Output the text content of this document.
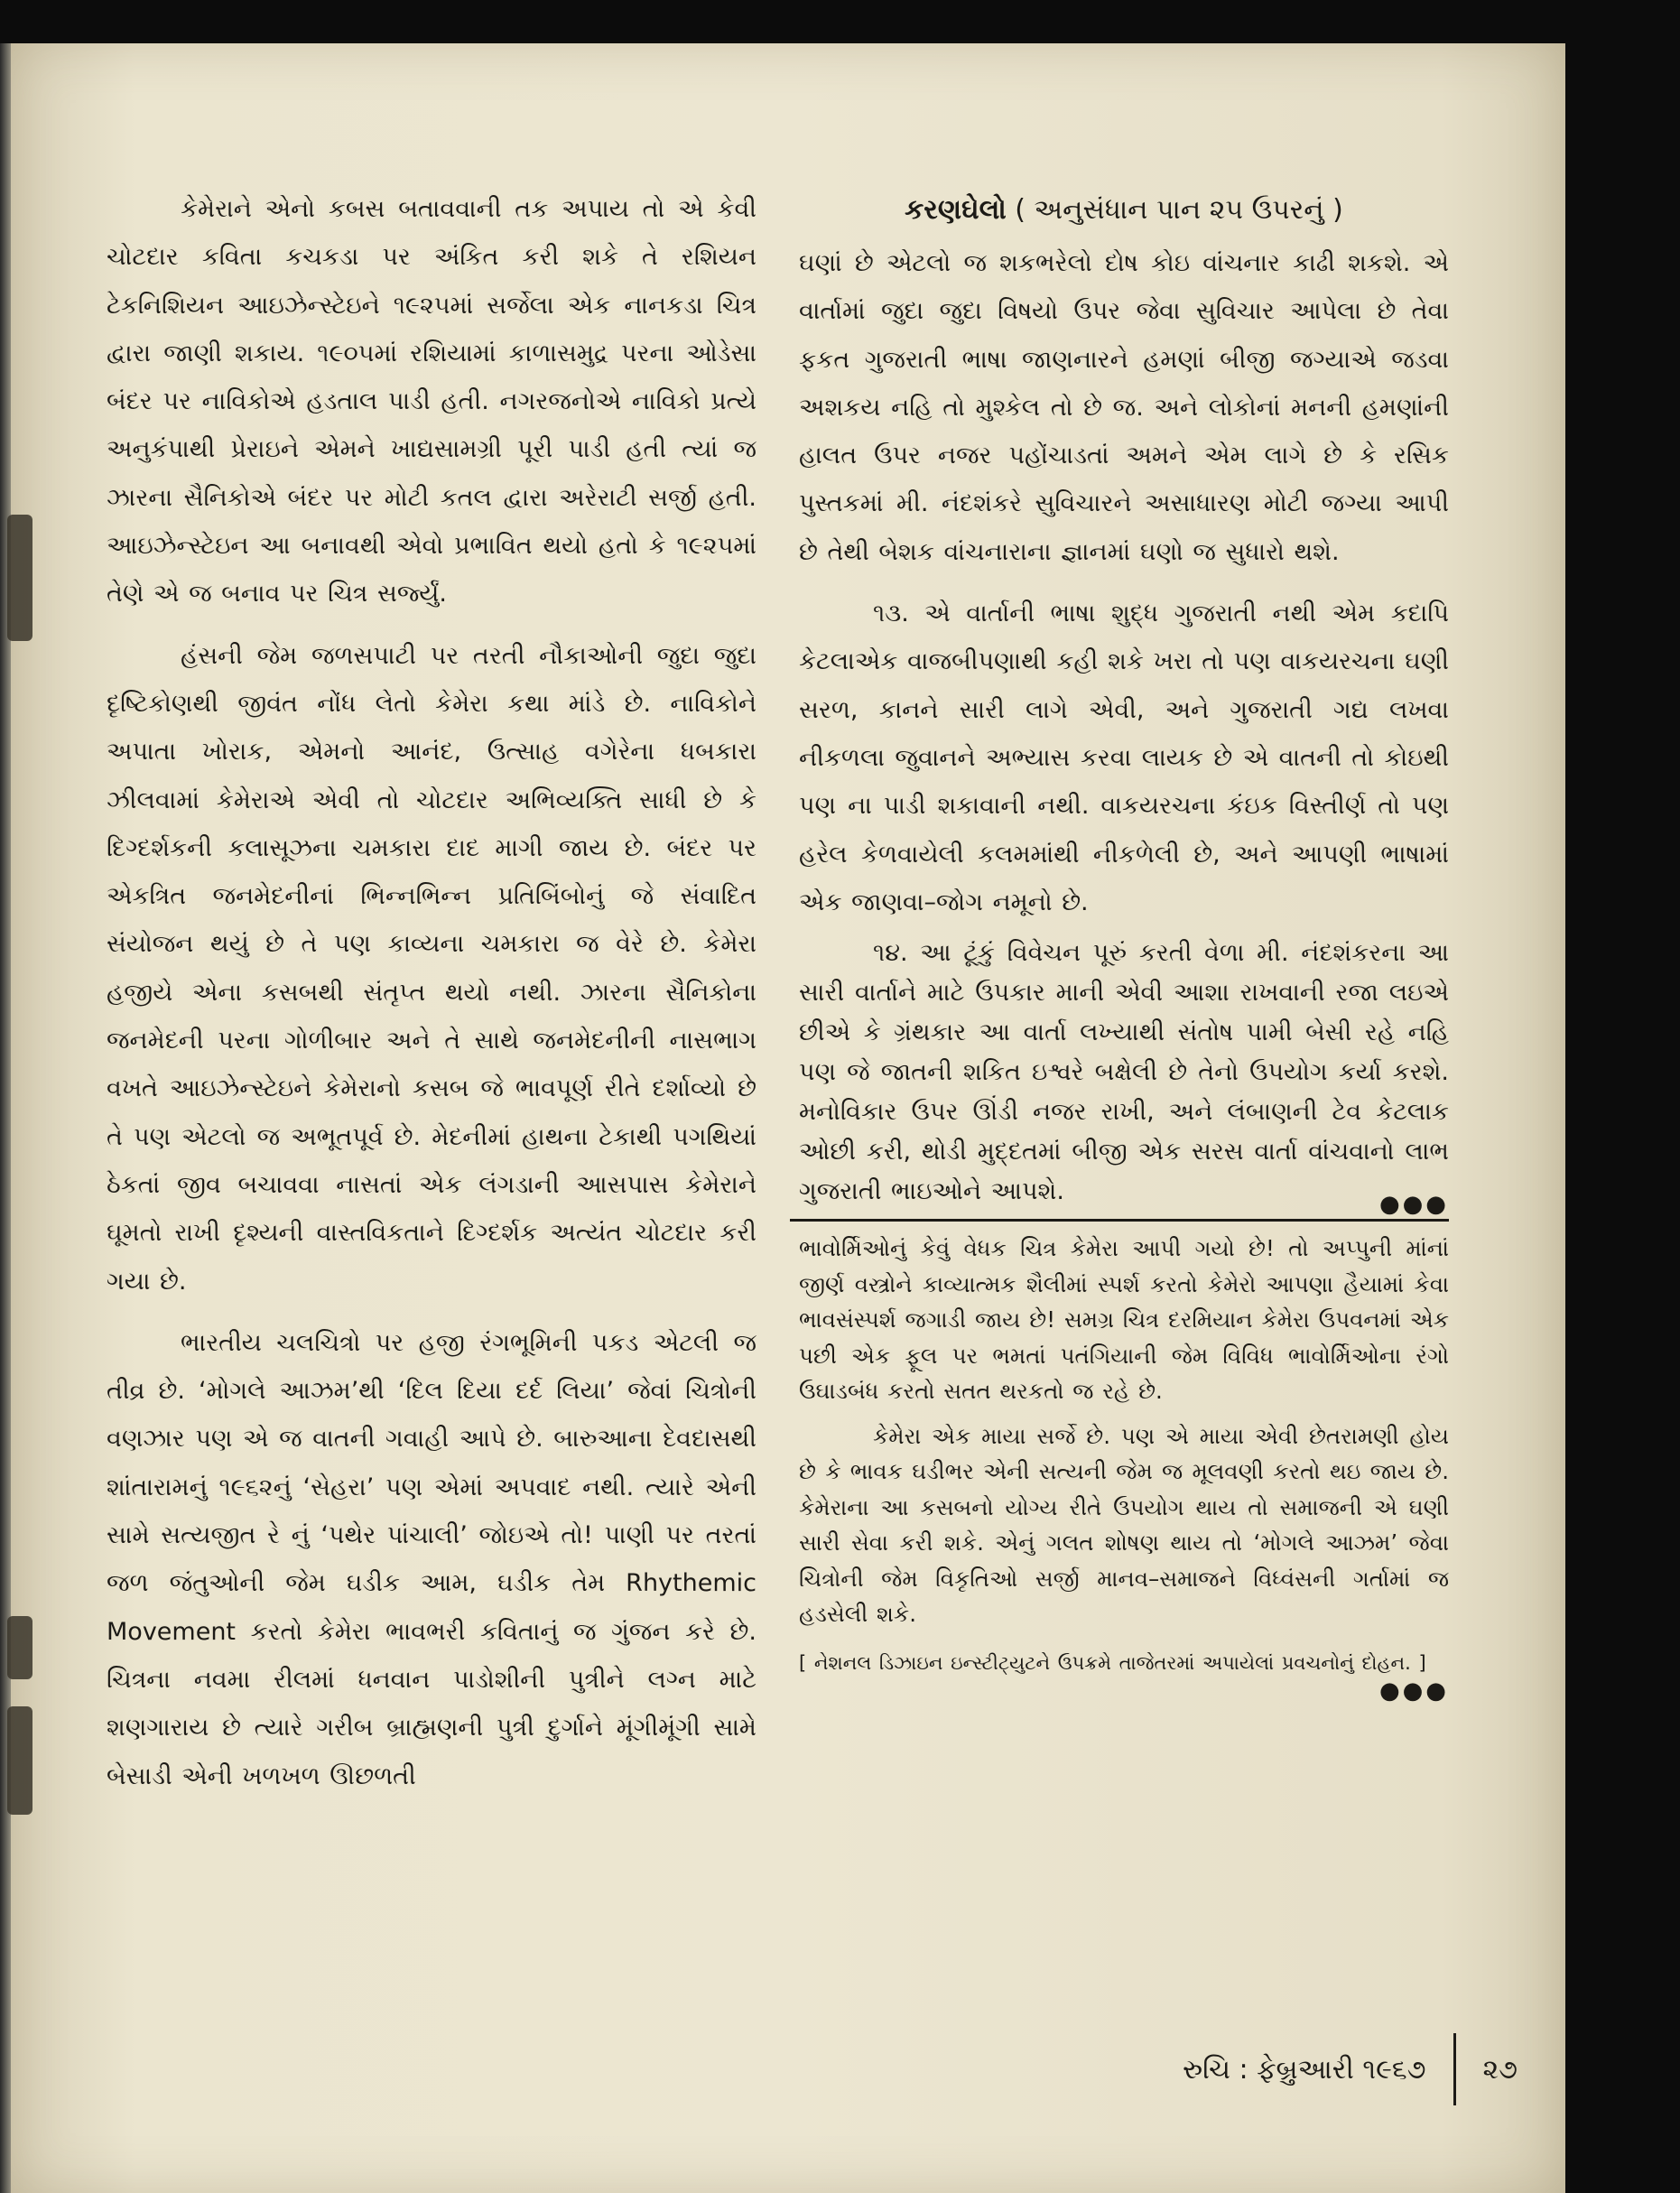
કેમેરાને એનો કબસ બતાવવાની તક અપાય તો એ કેવી ચોટદાર કવિતા કચકડા પર અંકિત કરી શકે તે રશિયન ટેકનિશિયન આઇઝેન્સ્ટેઇને ૧૯૨૫માં સર્જેલા એક નાનકડા ચિત્ર દ્વારા જાણી શકાય. ૧૯૦૫માં રશિયામાં કાળાસમુદ્ર પરના ઓડેસા બંદર પર નાવિકોએ હડતાલ પાડી હતી. નગરજનોએ નાવિકો પ્રત્યે અનુકંપાથી પ્રેરાઇને એમને ખાદ્યસામગ્રી પૂરી પાડી હતી ત્યાં જ ઝારના સૈનિકોએ બંદર પર મોટી કતલ દ્વારા અરેરાટી સર્જી હતી. આઇઝેન્સ્ટેઇન આ બનાવથી એવો પ્રભાવિત થયો હતો કે ૧૯૨૫માં તેણે એ જ બનાવ પર ચિત્ર સર્જ્યું.

હંસની જેમ જળસપાટી પર તરતી નૌકાઓની જુદા જુદા દૃષ્ટિકોણથી જીવંત નોંધ લેતો કેમેરા કથા માંડે છે. નાવિકોને અપાતા ખોરાક, એમનો આનંદ, ઉત્સાહ વગેરેના ધબકારા ઝીલવામાં કેમેરાએ એવી તો ચોટદાર અભિવ્યક્તિ સાધી છે કે દિગ્દર્શકની કલાસૂઝના ચમકારા દાદ માગી જાય છે. બંદર પર એકત્રિત જનમેદનીનાં ભિન્નભિન્ન પ્રતિબિંબોનું જે સંવાદિત સંયોજન થયું છે તે પણ કાવ્યના ચમકારા જ વેરે છે. કેમેરા હજીયે એના કસબથી સંતૃપ્ત થયો નથી. ઝારના સૈનિકોના જનમેદની પરના ગોળીબાર અને તે સાથે જનમેદનીની નાસભાગ વખતે આઇઝેન્સ્ટેઇને કેમેરાનો કસબ જે ભાવપૂર્ણ રીતે દર્શાવ્યો છે તે પણ એટલો જ અભૂતપૂર્વ છે. મેદનીમાં હાથના ટેકાથી પગથિયાં ઠેકતાં જીવ બચાવવા નાસતાં એક લંગડાની આસપાસ કેમેરાને ઘૂમતો રાખી દૃશ્યની વાસ્તવિકતાને દિગ્દર્શક અત્યંત ચોટદાર કરી ગયા છે.

ભારતીય ચલચિત્રો પર હજી રંગભૂમિની પકડ એટલી જ તીવ્ર છે. ‘મોગલે આઝમ’થી ‘દિલ દિયા દર્દ લિયા’ જેવાં ચિત્રોની વણઝાર પણ એ જ વાતની ગવાહી આપે છે. બારુઆના દેવદાસથી શાંતારામનું ૧૯૬૨નું ‘સેહરા’ પણ એમાં અપવાદ નથી. ત્યારે એની સામે સત્યજીત રે નું ‘પથેર પાંચાલી’ જોઇએ તો! પાણી પર તરતાં જળ જંતુઓની જેમ ઘડીક આમ, ઘડીક તેમ Rhythemic Movement કરતો કેમેરા ભાવભરી કવિતાનું જ ગુંજન કરે છે. ચિત્રના નવમા રીલમાં ધનવાન પાડોશીની પુત્રીને લગ્ન માટે શણગારાય છે ત્યારે ગરીબ બ્રાહ્મણની પુત્રી દુર્ગાને મૂંગીમૂંગી સામે બેસાડી એની ખળખળ ઊછળતી

કરણઘેલો ( અનુસંધાન પાન ૨૫ ઉપરનું )

ઘણાં છે એટલો જ શકભરેલો દોષ કોઇ વાંચનાર કાઢી શકશે. એ વાર્તામાં જુદા જુદા વિષયો ઉપર જેવા સુવિચાર આપેલા છે તેવા ફકત ગુજરાતી ભાષા જાણનારને હમણાં બીજી જગ્યાએ જડવા અશકય નહિ તો મુશ્કેલ તો છે જ. અને લોકોનાં મનની હમણાંની હાલત ઉપર નજર પહોંચાડતાં અમને એમ લાગે છે કે રસિક પુસ્તકમાં મી. નંદશંકરે સુવિચારને અસાધારણ મોટી જગ્યા આપી છે તેથી બેશક વાંચનારાના જ્ઞાનમાં ઘણો જ સુધારો થશે.

૧૩. એ વાર્તાની ભાષા શુદ્ધ ગુજરાતી નથી એમ કદાપિ કેટલાએક વાજબીપણાથી કહી શકે ખરા તો પણ વાકયરચના ઘણી સરળ, કાનને સારી લાગે એવી, અને ગુજરાતી ગદ્ય લખવા નીકળલા જુવાનને અભ્યાસ કરવા લાયક છે એ વાતની તો કોઇથી પણ ના પાડી શકાવાની નથી. વાકયરચના કંઇક વિસ્તીર્ણ તો પણ હરેલ કેળવાયેલી કલમમાંથી નીકળેલી છે, અને આપણી ભાષામાં એક જાણવા–જોગ નમૂનો છે.

૧૪. આ ટૂંકું વિવેચન પૂરું કરતી વેળા મી. નંદશંકરના આ સારી વાર્તાને માટે ઉપકાર માની એવી આશા રાખવાની રજા લઇએ છીએ કે ગ્રંથકાર આ વાર્તા લખ્યાથી સંતોષ પામી બેસી રહે નહિ પણ જે જાતની શકિત ઇશ્વરે બક્ષેલી છે તેનો ઉપયોગ કર્યા કરશે. મનોવિકાર ઉપર ઊંડી નજર રાખી, અને લંબાણની ટેવ કેટલાક ઓછી કરી, થોડી મુદ્દતમાં બીજી એક સરસ વાર્તા વાંચવાનો લાભ ગુજરાતી ભાઇઓને આપશે.	●●●

ભાવોર્મિઓનું કેવું વેધક ચિત્ર કેમેરા આપી ગયો છે! તો અપ્પુની માંનાં જીર્ણ વસ્ત્રોને કાવ્યાત્મક શૈલીમાં સ્પર્શ કરતો કેમેરો આપણા હૈયામાં કેવા ભાવસંસ્પર્શ જગાડી જાય છે! સમગ્ર ચિત્ર દરમિયાન કેમેરા ઉપવનમાં એક પછી એક ફૂલ પર ભમતાં પતંગિયાની જેમ વિવિધ ભાવોર્મિઓના રંગો ઉઘાડબંધ કરતો સતત થરકતો જ રહે છે.

કેમેરા એક માયા સર્જે છે. પણ એ માયા એવી છેતરામણી હોય છે કે ભાવક ઘડીભર એની સત્યની જેમ જ મૂલવણી કરતો થઇ જાય છે. કેમેરાના આ કસબનો યોગ્ય રીતે ઉપયોગ થાય તો સમાજની એ ઘણી સારી સેવા કરી શકે. એનું ગલત શોષણ થાય તો ‘મોગલે આઝમ’ જેવા ચિત્રોની જેમ વિકૃતિઓ સર્જી માનવ–સમાજને વિધ્વંસની ગર્તામાં જ હડસેલી શકે.

[ નેશનલ ડિઝાઇન ઇન્સ્ટીટ્યુટને ઉપક્રમે તાજેતરમાં અપાયેલાં પ્રવચનોનું દોહન. ]

●●●
રુચિ : ફેબ્રુઆરી ૧૯૬૭ ૨૭
